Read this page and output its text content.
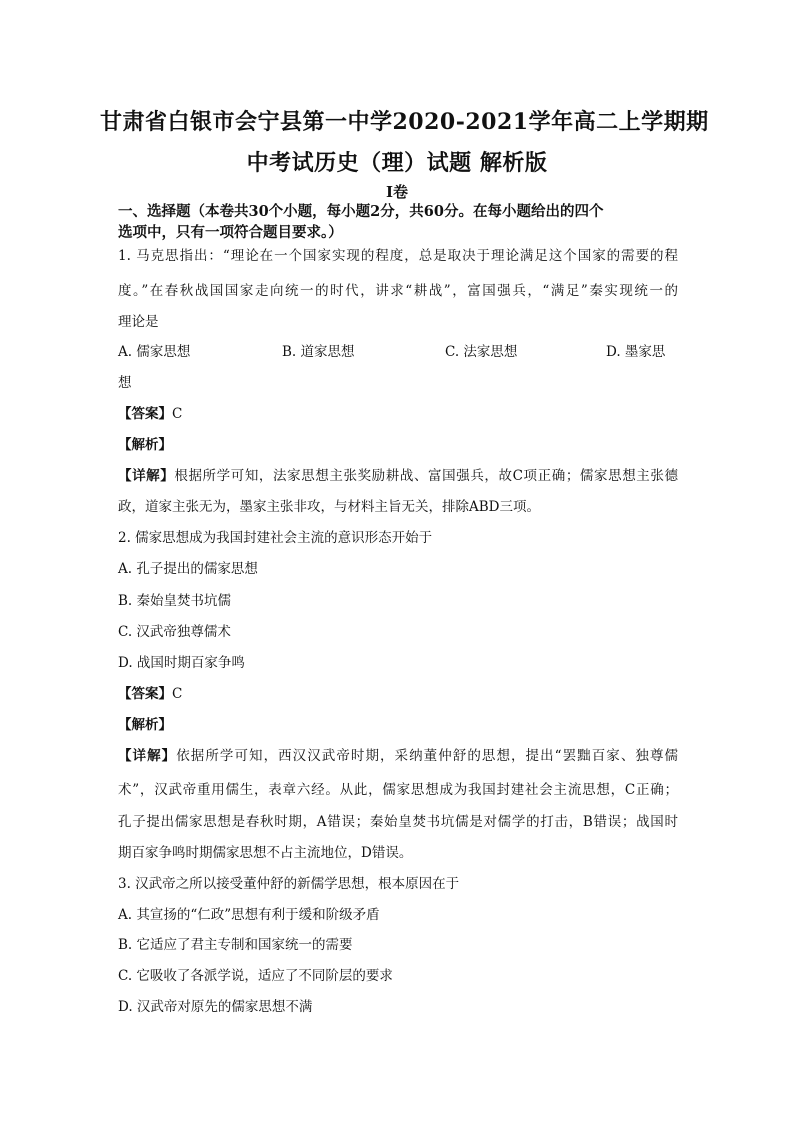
甘肃省白银市会宁县第一中学2020-2021学年高二上学期期
中考试历史（理）试题 解析版
Ⅰ卷
一、选择题（本卷共30个小题，每小题2分，共60分。在每小题给出的四个
选项中，只有一项符合题目要求。）
1. 马克思指出：“理论在一个国家实现的程度，总是取决于理论满足这个国家的需要的程
度。”在春秋战国国家走向统一的时代，讲求“耕战”，富国强兵，“满足”秦实现统一的
理论是
A. 儒家思想	B. 道家思想	C. 法家思想	D. 墨家思
想
【答案】C
【解析】
【详解】根据所学可知，法家思想主张奖励耕战、富国强兵，故C项正确；儒家思想主张德
政，道家主张无为，墨家主张非攻，与材料主旨无关，排除ABD三项。
2. 儒家思想成为我国封建社会主流的意识形态开始于
A. 孔子提出的儒家思想
B. 秦始皇焚书坑儒
C. 汉武帝独尊儒术
D. 战国时期百家争鸣
【答案】C
【解析】
【详解】依据所学可知，西汉汉武帝时期，采纳董仲舒的思想，提出“罢黜百家、独尊儒
术”，汉武帝重用儒生，表章六经。从此，儒家思想成为我国封建社会主流思想，C正确；
孔子提出儒家思想是春秋时期，A错误；秦始皇焚书坑儒是对儒学的打击，B错误；战国时
期百家争鸣时期儒家思想不占主流地位，D错误。
3. 汉武帝之所以接受董仲舒的新儒学思想，根本原因在于
A. 其宣扬的“仁政”思想有利于缓和阶级矛盾
B. 它适应了君主专制和国家统一的需要
C. 它吸收了各派学说，适应了不同阶层的要求
D. 汉武帝对原先的儒家思想不满
